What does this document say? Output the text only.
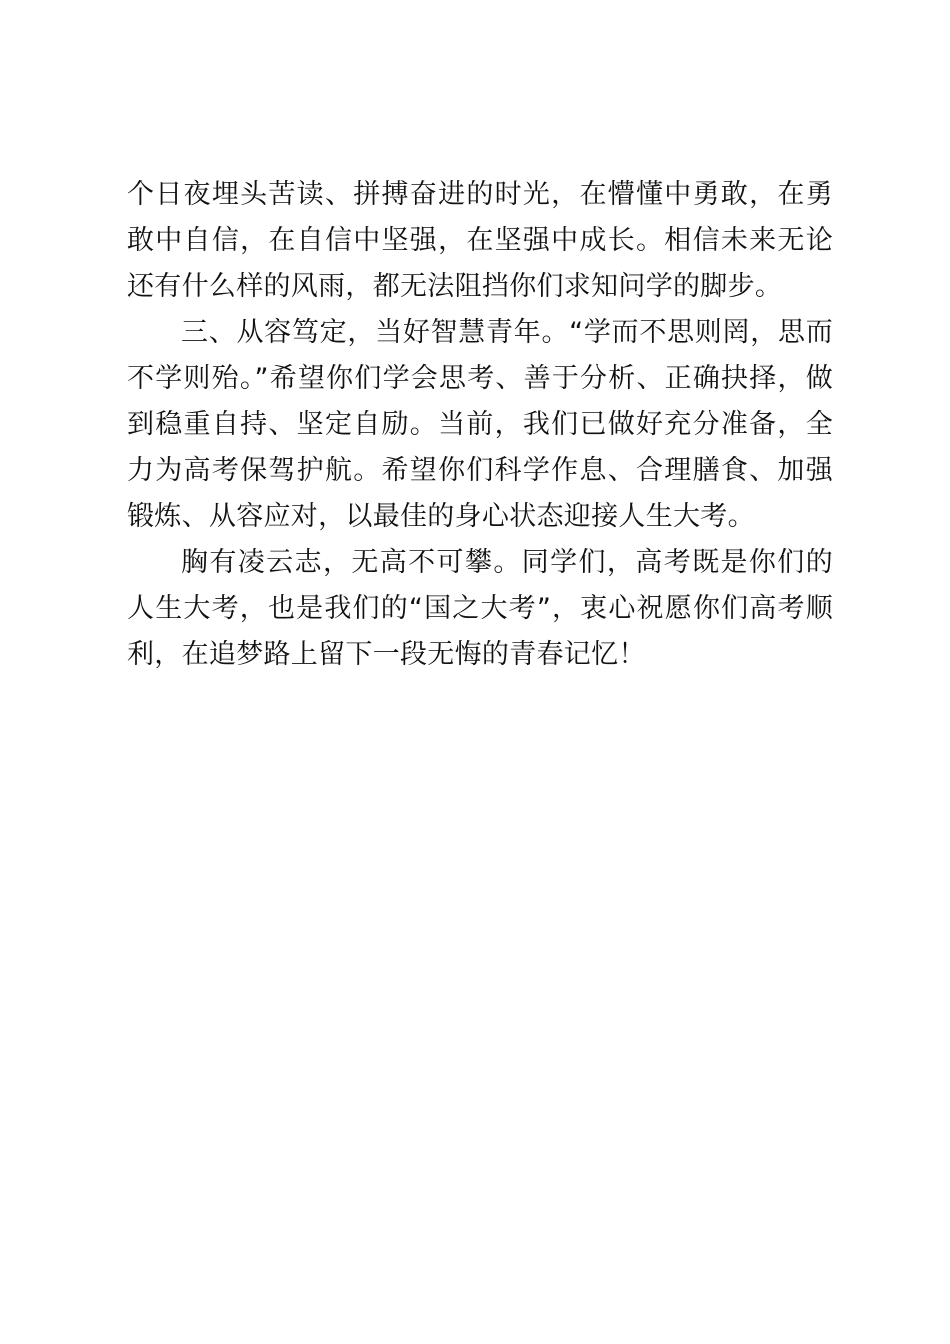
个日夜埋头苦读、拼搏奋进的时光，在懵懂中勇敢，在勇敢中自信，在自信中坚强，在坚强中成长。相信未来无论还有什么样的风雨，都无法阻挡你们求知问学的脚步。

三、从容笃定，当好智慧青年。“学而不思则罔，思而不学则殆。”希望你们学会思考、善于分析、正确抉择，做到稳重自持、坚定自励。当前，我们已做好充分准备，全力为高考保驾护航。希望你们科学作息、合理膳食、加强锻炼、从容应对，以最佳的身心状态迎接人生大考。

胸有凌云志，无高不可攀。同学们，高考既是你们的人生大考，也是我们的“国之大考”，衷心祝愿你们高考顺利，在追梦路上留下一段无悔的青春记忆！
